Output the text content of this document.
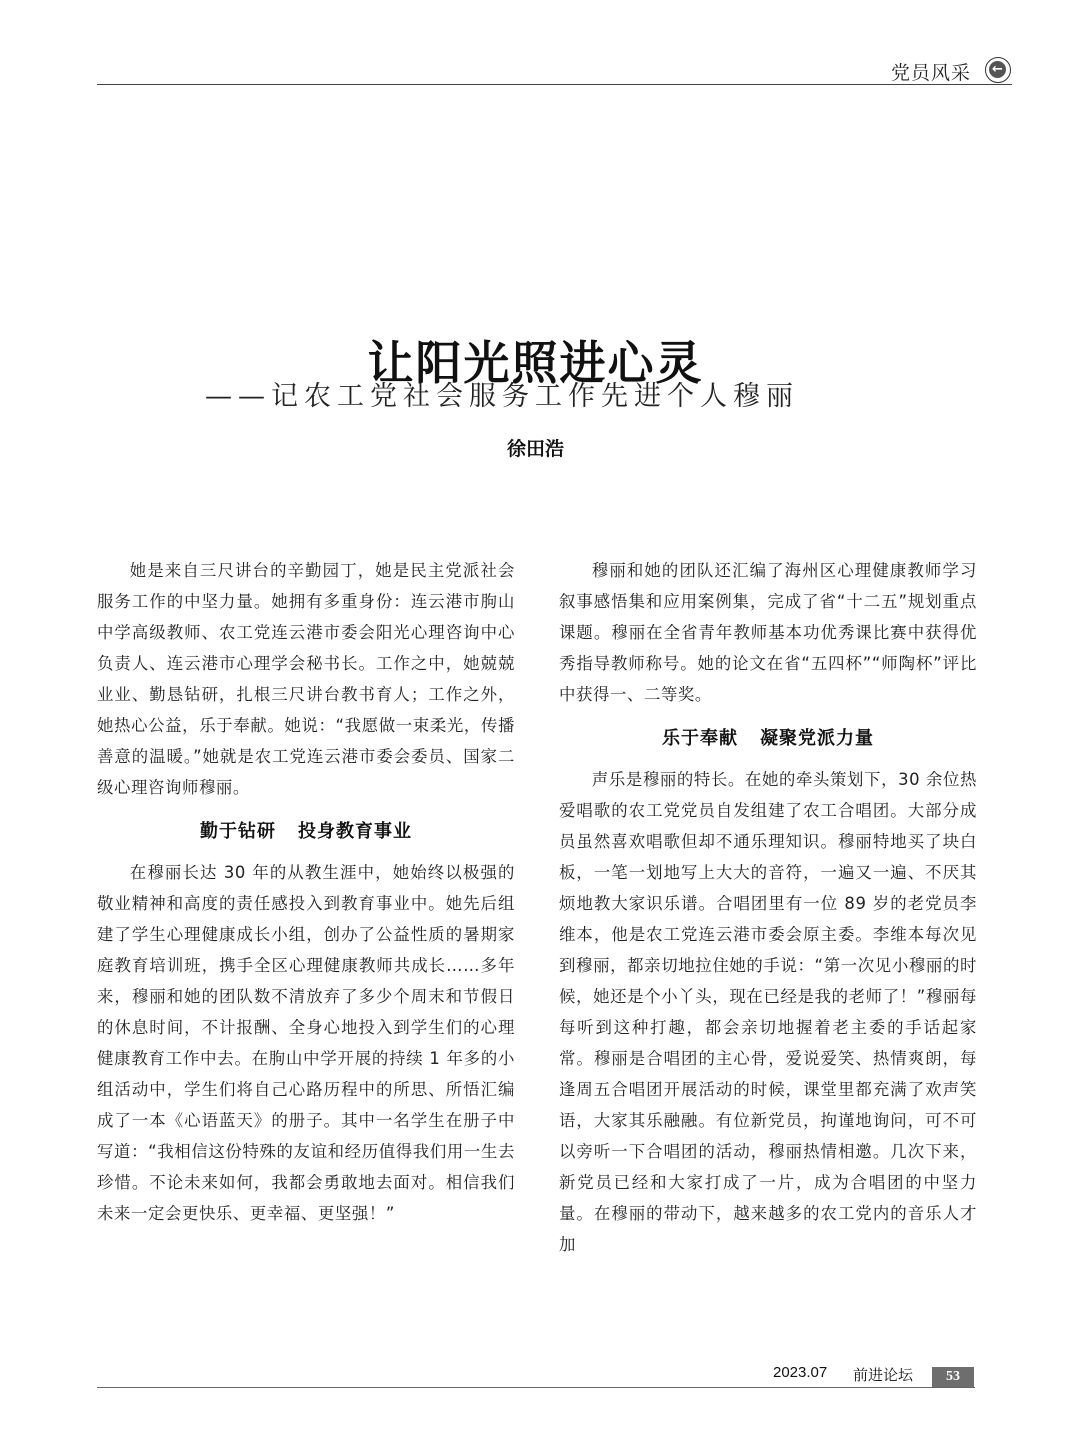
党员风采 ←
让阳光照进心灵
——记农工党社会服务工作先进个人穆丽
徐田浩

她是来自三尺讲台的辛勤园丁，她是民主党派社会服务工作的中坚力量。她拥有多重身份：连云港市朐山中学高级教师、农工党连云港市委会阳光心理咨询中心负责人、连云港市心理学会秘书长。工作之中，她兢兢业业、勤恳钻研，扎根三尺讲台教书育人；工作之外，她热心公益，乐于奉献。她说：“我愿做一束柔光，传播善意的温暖。”她就是农工党连云港市委会委员、国家二级心理咨询师穆丽。

勤于钻研 投身教育事业

在穆丽长达 30 年的从教生涯中，她始终以极强的敬业精神和高度的责任感投入到教育事业中。她先后组建了学生心理健康成长小组，创办了公益性质的暑期家庭教育培训班，携手全区心理健康教师共成长……多年来，穆丽和她的团队数不清放弃了多少个周末和节假日的休息时间，不计报酬、全身心地投入到学生们的心理健康教育工作中去。在朐山中学开展的持续 1 年多的小组活动中，学生们将自己心路历程中的所思、所悟汇编成了一本《心语蓝天》的册子。其中一名学生在册子中写道：“我相信这份特殊的友谊和经历值得我们用一生去珍惜。不论未来如何，我都会勇敢地去面对。相信我们未来一定会更快乐、更幸福、更坚强！”

穆丽和她的团队还汇编了海州区心理健康教师学习叙事感悟集和应用案例集，完成了省“十二五”规划重点课题。穆丽在全省青年教师基本功优秀课比赛中获得优秀指导教师称号。她的论文在省“五四杯”“师陶杯”评比中获得一、二等奖。

乐于奉献 凝聚党派力量

声乐是穆丽的特长。在她的牵头策划下，30 余位热爱唱歌的农工党党员自发组建了农工合唱团。大部分成员虽然喜欢唱歌但却不通乐理知识。穆丽特地买了块白板，一笔一划地写上大大的音符，一遍又一遍、不厌其烦地教大家识乐谱。合唱团里有一位 89 岁的老党员李维本，他是农工党连云港市委会原主委。李维本每次见到穆丽，都亲切地拉住她的手说：“第一次见小穆丽的时候，她还是个小丫头，现在已经是我的老师了！”穆丽每每听到这种打趣，都会亲切地握着老主委的手话起家常。穆丽是合唱团的主心骨，爱说爱笑、热情爽朗，每逢周五合唱团开展活动的时候，课堂里都充满了欢声笑语，大家其乐融融。有位新党员，拘谨地询问，可不可以旁听一下合唱团的活动，穆丽热情相邀。几次下来，新党员已经和大家打成了一片，成为合唱团的中坚力量。在穆丽的带动下，越来越多的农工党内的音乐人才加

2023.07 前进论坛	53
